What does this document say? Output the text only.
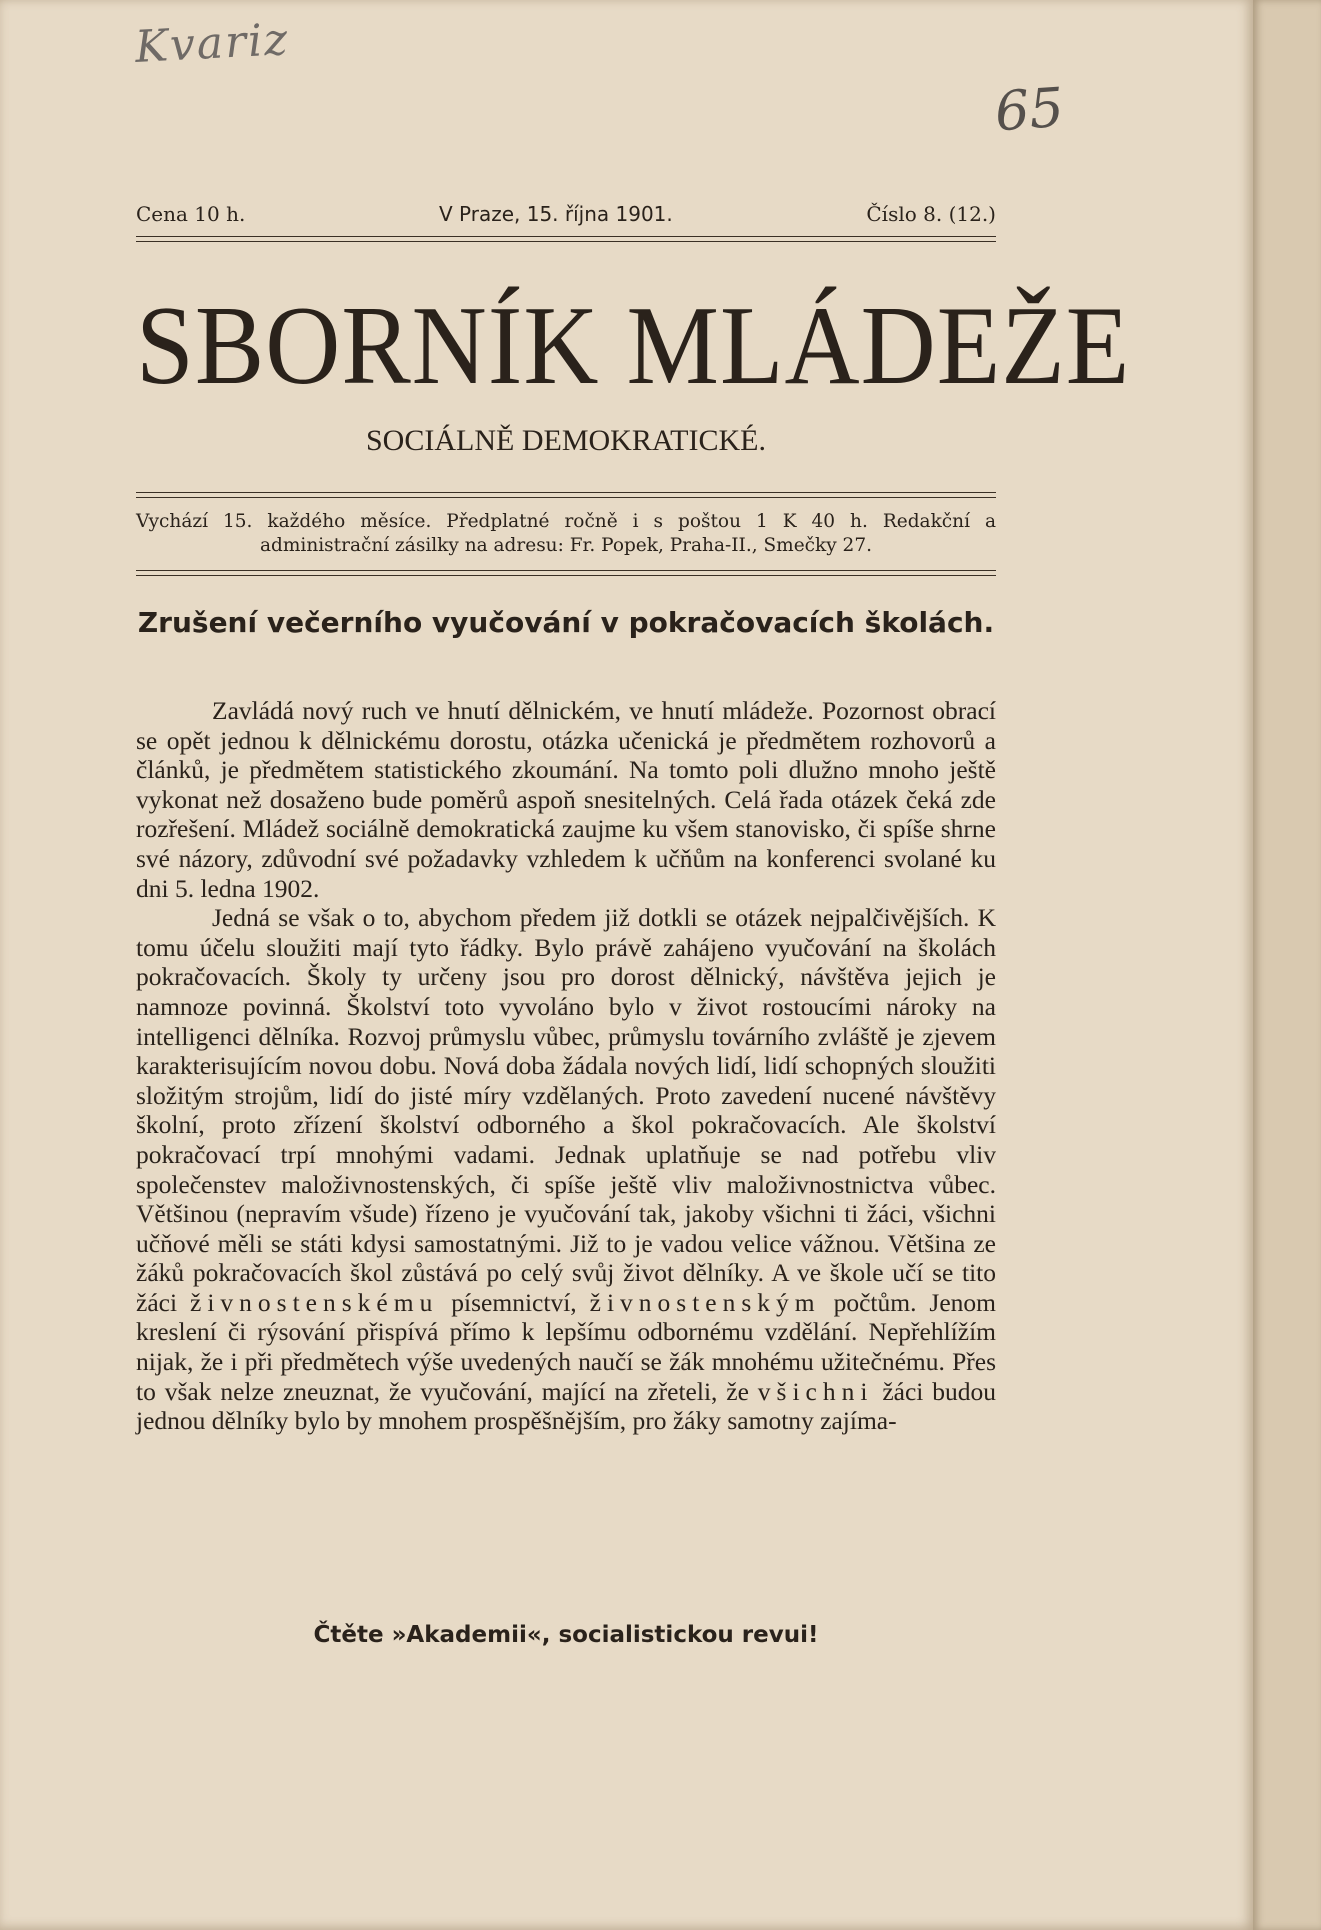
Kvariz
65
Cena 10 h.	V Praze, 15. října 1901.	Číslo 8. (12.)
SBORNÍK MLÁDEŽE
SOCIÁLNĚ DEMOKRATICKÉ.
Vychází 15. každého měsíce. Předplatné ročně i s poštou 1 K 40 h. Redakční a administrační zásilky na adresu: Fr. Popek, Praha-II., Smečky 27.
Zrušení večerního vyučování v pokračovacích školách.

Zavládá nový ruch ve hnutí dělnickém, ve hnutí mládeže. Pozornost obrací se opět jednou k dělnickému dorostu, otázka učenická je předmětem rozhovorů a článků, je předmětem statistického zkoumání. Na tomto poli dlužno mnoho ještě vykonat než dosaženo bude poměrů aspoň snesitelných. Celá řada otázek čeká zde rozřešení. Mládež sociálně demokratická zaujme ku všem stanovisko, či spíše shrne své názory, zdůvodní své požadavky vzhledem k učňům na konferenci svolané ku dni 5. ledna 1902.

Jedná se však o to, abychom předem již dotkli se otázek nejpalčivějších. K tomu účelu sloužiti mají tyto řádky. Bylo právě zahájeno vyučování na školách pokračovacích. Školy ty určeny jsou pro dorost dělnický, návštěva jejich je namnoze povinná. Školství toto vyvoláno bylo v život rostoucími nároky na intelligenci dělníka. Rozvoj průmyslu vůbec, průmyslu továrního zvláště je zjevem karakterisujícím novou dobu. Nová doba žádala nových lidí, lidí schopných sloužiti složitým strojům, lidí do jisté míry vzdělaných. Proto zavedení nucené návštěvy školní, proto zřízení školství odborného a škol pokračovacích. Ale školství pokračovací trpí mnohými vadami. Jednak uplatňuje se nad potřebu vliv společenstev maloživnostenských, či spíše ještě vliv maloživnostnictva vůbec. Většinou (nepravím všude) řízeno je vyučování tak, jakoby všichni ti žáci, všichni učňové měli se státi kdysi samostatnými. Již to je vadou velice vážnou. Většina ze žáků pokračovacích škol zůstává po celý svůj život dělníky. A ve škole učí se tito žáci živnostenskému písemnictví, živnostenským počtům. Jenom kreslení či rýsování přispívá přímo k lepšímu odbornému vzdělání. Nepřehlížím nijak, že i při předmětech výše uvedených naučí se žák mnohému užitečnému. Přes to však nelze zneuznat, že vyučování, mající na zřeteli, že všichni žáci budou jednou dělníky bylo by mnohem prospěšnějším, pro žáky samotny zajíma-

Čtěte »Akademii«, socialistickou revui!
